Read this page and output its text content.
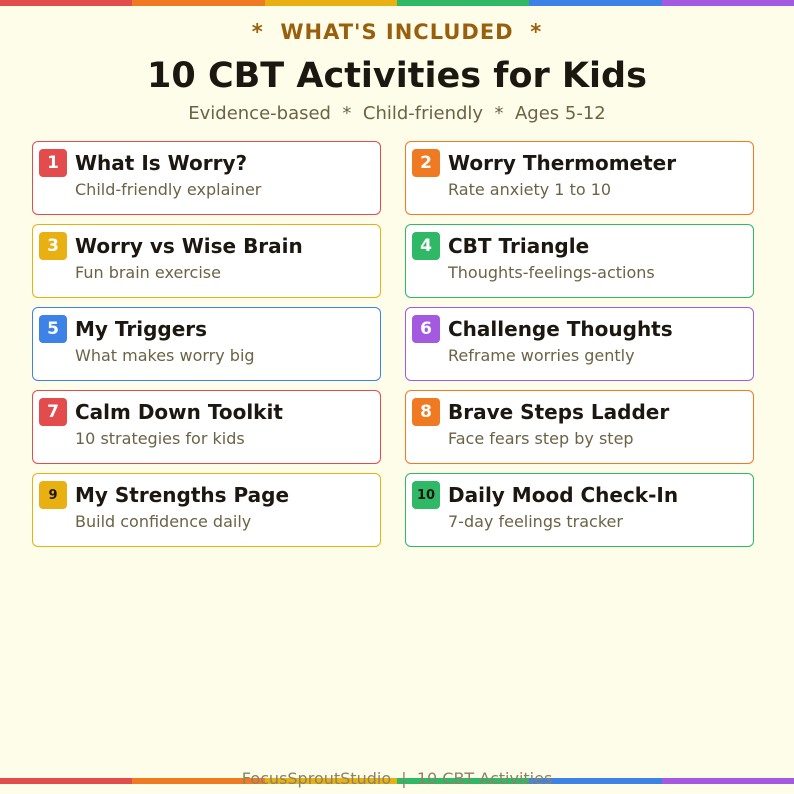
*  WHAT'S INCLUDED  *
10 CBT Activities for Kids
Evidence-based  *  Child-friendly  *  Ages 5-12
1 What Is Worry?
Child-friendly explainer
2 Worry Thermometer
Rate anxiety 1 to 10
3 Worry vs Wise Brain
Fun brain exercise
4 CBT Triangle
Thoughts-feelings-actions
5 My Triggers
What makes worry big
6 Challenge Thoughts
Reframe worries gently
7 Calm Down Toolkit
10 strategies for kids
8 Brave Steps Ladder
Face fears step by step
9 My Strengths Page
Build confidence daily
10 Daily Mood Check-In
7-day feelings tracker
FocusSproutStudio  |  10 CBT Activities
